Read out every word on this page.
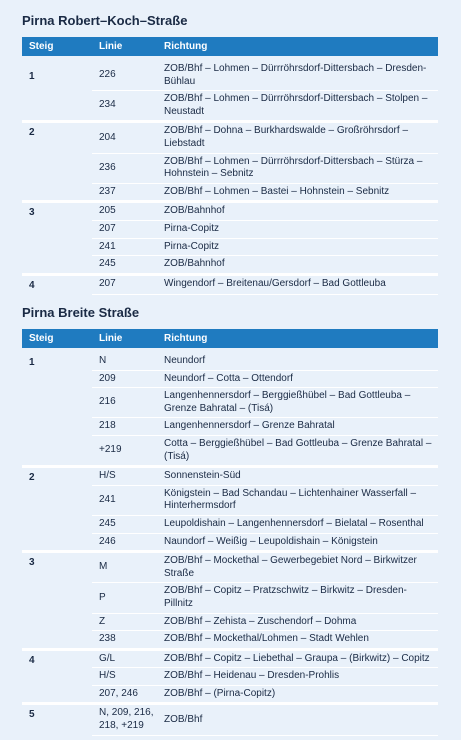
Pirna Robert–Koch–Straße
Steig	Linie	Richtung

1	226	ZOB/Bhf – Lohmen – Dürrröhrsdorf-Dittersbach – Dresden-Bühlau
	234	ZOB/Bhf – Lohmen – Dürrröhrsdorf-Dittersbach – Stolpen – Neustadt
2	204	ZOB/Bhf – Dohna – Burkhardswalde – Großröhrsdorf – Liebstadt
	236	ZOB/Bhf – Lohmen – Dürrröhrsdorf-Dittersbach – Stürza – Hohnstein – Sebnitz
	237	ZOB/Bhf – Lohmen – Bastei – Hohnstein – Sebnitz
3	205	ZOB/Bahnhof
	207	Pirna-Copitz
	241	Pirna-Copitz
	245	ZOB/Bahnhof
4	207	Wingendorf – Breitenau/Gersdorf – Bad Gottleuba
Pirna Breite Straße
Steig	Linie	Richtung

1	N	Neundorf
	209	Neundorf – Cotta – Ottendorf
	216	Langenhennersdorf – Berggießhübel – Bad Gottleuba – Grenze Bahratal – (Tisá)
	218	Langenhennersdorf – Grenze Bahratal
	+219	Cotta – Berggießhübel – Bad Gottleuba – Grenze Bahratal – (Tisá)
2	H/S	Sonnenstein-Süd
	241	Königstein – Bad Schandau – Lichtenhainer Wasserfall – Hinterhermsdorf
	245	Leupoldishain – Langenhennersdorf – Bielatal – Rosenthal
	246	Naundorf – Weißig – Leupoldishain – Königstein
3	M	ZOB/Bhf – Mockethal – Gewerbegebiet Nord – Birkwitzer Straße
	P	ZOB/Bhf – Copitz – Pratzschwitz – Birkwitz – Dresden-Pillnitz
	Z	ZOB/Bhf – Zehista – Zuschendorf – Dohma
	238	ZOB/Bhf – Mockethal/Lohmen – Stadt Wehlen
4	G/L	ZOB/Bhf – Copitz – Liebethal – Graupa – (Birkwitz) – Copitz
	H/S	ZOB/Bhf – Heidenau – Dresden-Prohlis
	207, 246	ZOB/Bhf – (Pirna-Copitz)
5	N, 209, 216, 218, +219	ZOB/Bhf
